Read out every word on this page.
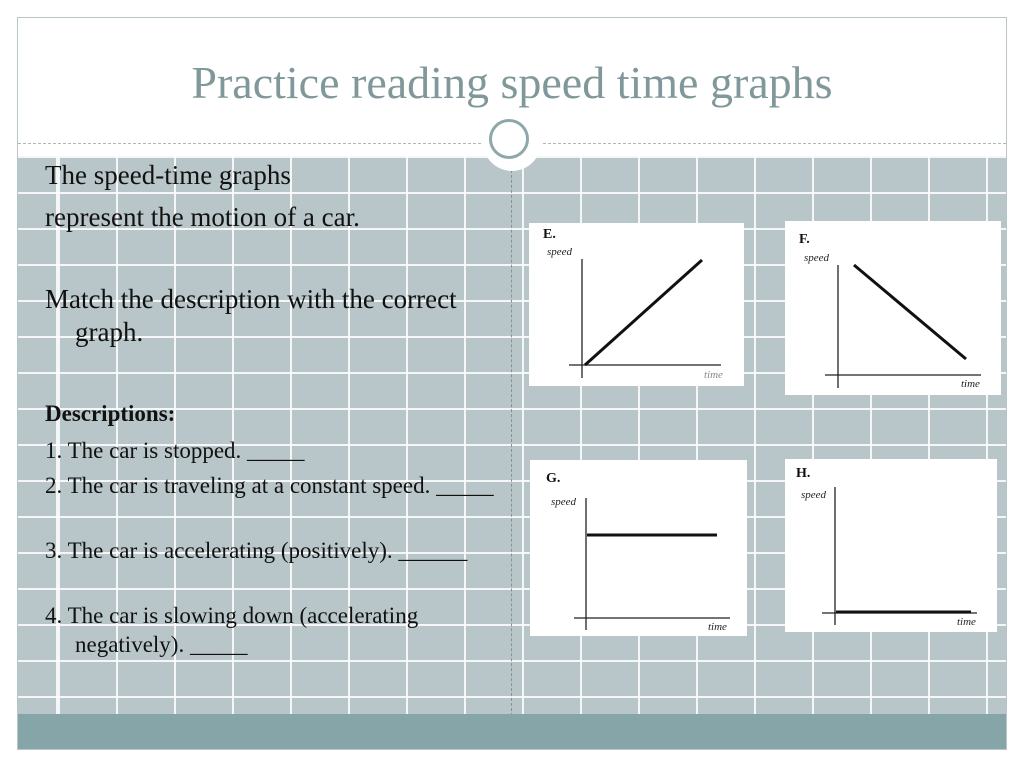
Practice reading speed time graphs
The speed-time graphs
represent the motion of a car.
Match the description with the correct graph.
Descriptions:
1. The car is stopped. _____
2. The car is traveling at a constant speed. _____
3. The car is accelerating (positively). ______
4. The car is slowing down (accelerating negatively). _____
E.
speed
time
F.
speed
time
G.
speed
time
H.
speed
time
